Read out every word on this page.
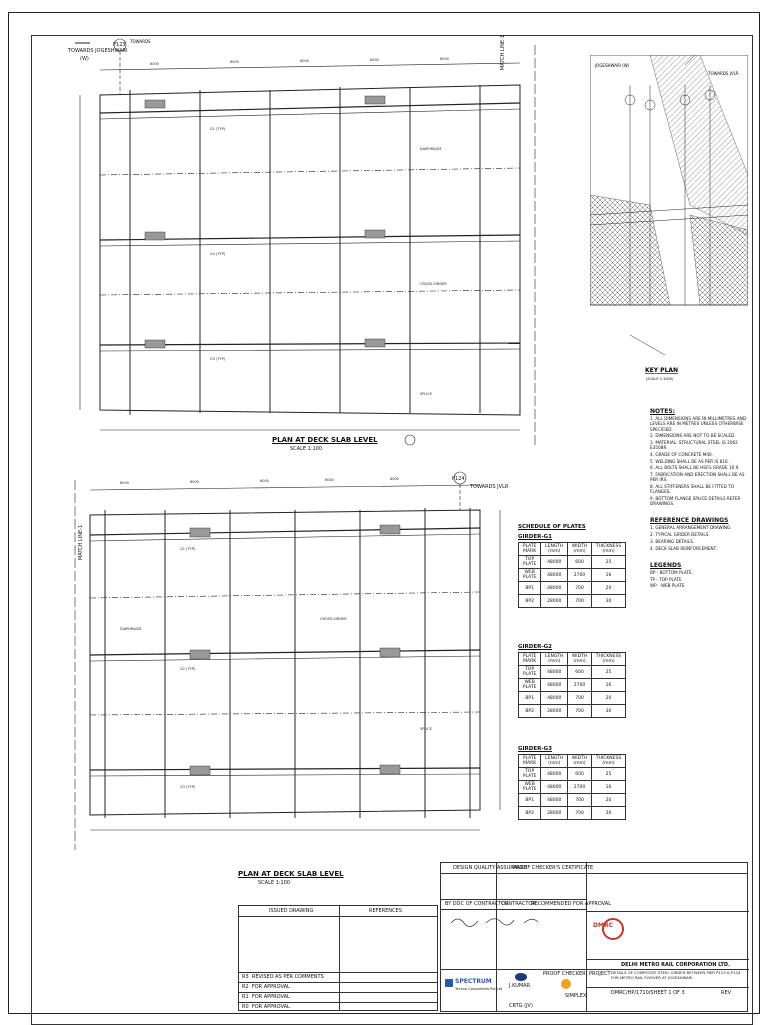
TOWARDS
6000	6000	6000	6000	6000
G1 (TYP)
G2 (TYP)
G3 (TYP)
DIAPHRAGM
CROSS GIRDER
SPLICE
PLAN AT DECK SLAB LEVEL
SCALE 1:100
P123
TOWARDS JOGESHWARI
(W)	MATCH LINE-1
6000	6000	6000	6000	6000
G1 (TYP)
G2 (TYP)
G3 (TYP)
CROSS GIRDER
SPLICE
DIAPHRAGM
PLAN AT DECK SLAB LEVEL
SCALE 1:100
P124
TOWARDS JVLR
MATCH LINE-1
KEY PLAN
(SCALE 1:1000)
JOGESHWARI (W)
TOWARDS JVLR
NOTES:
1. ALL DIMENSIONS ARE IN MILLIMETRES AND LEVELS ARE IN METRES UNLESS OTHERWISE SPECIFIED.
2. DIMENSIONS ARE NOT TO BE SCALED.
3. MATERIAL: STRUCTURAL STEEL IS 2062 E350BR.
4. GRADE OF CONCRETE M40.
5. WELDING SHALL BE AS PER IS 816.
6. ALL BOLTS SHALL BE HSFG GRADE 10.9.
7. FABRICATION AND ERECTION SHALL BE AS PER IRS.
8. ALL STIFFENERS SHALL BE FITTED TO FLANGES.
9. BOTTOM FLANGE SPLICE DETAILS REFER DRAWINGS.
REFERENCE DRAWINGS
1. GENERAL ARRANGEMENT DRAWING.
2. TYPICAL GIRDER DETAILS.
3. BEARING DETAILS.
4. DECK SLAB REINFORCEMENT.
LEGENDS
BP - BOTTOM PLATE
TP - TOP PLATE
WP - WEB PLATE
SCHEDULE OF PLATES
GIRDER-G1
PLATE MARK	LENGTH (mm)	WIDTH (mm)	THICKNESS (mm)
TOP PLATE	48000	600	25
WEB PLATE	48000	2700	16
BP1	48000	700	20
BP2	28000	700	30
GIRDER-G2
PLATE MARK	LENGTH (mm)	WIDTH (mm)	THICKNESS (mm)
TOP PLATE	48000	600	25
WEB PLATE	48000	2700	16
BP1	48000	700	20
BP2	28000	700	30
GIRDER-G3
PLATE MARK	LENGTH (mm)	WIDTH (mm)	THICKNESS (mm)
TOP PLATE	48000	600	25
WEB PLATE	48000	2700	16
BP1	48000	700	20
BP2	28000	700	30
ISSUED DRAWING	REFERENCES
R3 REVISED AS PER COMMENTS
R2 FOR APPROVAL
R1 FOR APPROVAL
R0 FOR APPROVAL
DESIGN QUALITY ASSURANCE
PROOF CHECKER'S CERTIFICATE
BY DDC OF CONTRACTOR
CONTRACTOR
RECOMMENDED FOR APPROVAL
SPECTRUM
Techno Consultants Pvt Ltd J.KUMAR
CRTG (JV)
PROOF CHECKER
SIMPLEX
DMRC
DELHI METRO RAIL CORPORATION LTD.
PROJECT DETAILS OF COMPOSITE STEEL GIRDER BETWEEN PIER P123 & P124 FOR METRO RAIL FLYOVER AT JOGESHWARI
DMRC/HP/1710/SHEET 1 OF 3	REV
